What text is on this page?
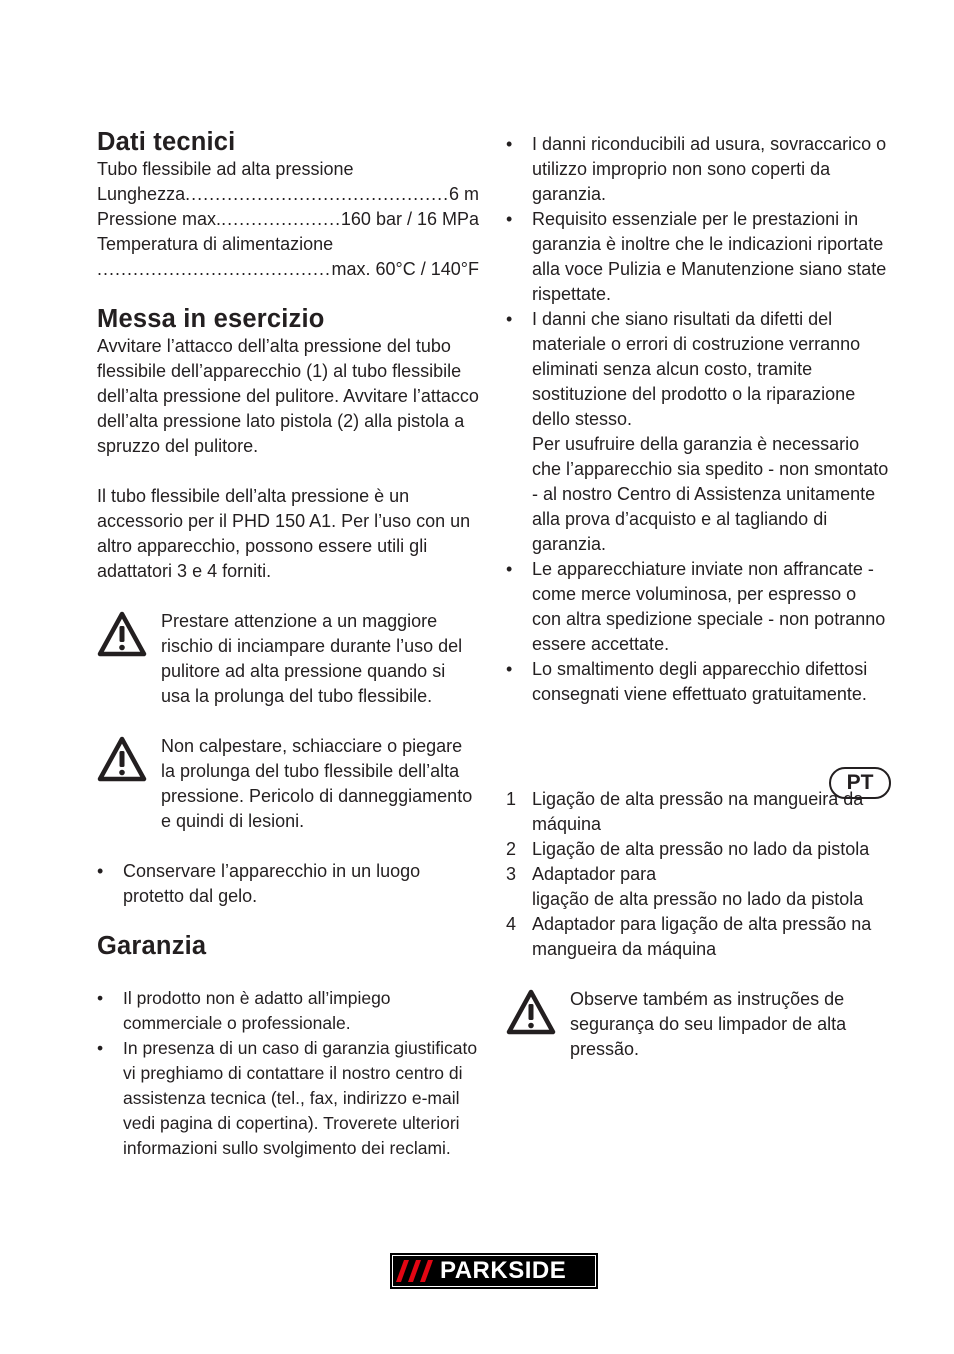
Dati tecnici

Tubo flessibile ad alta pressione

Lunghezza .....	6 m
Pressione max. .....	160 bar / 16 MPa

Temperatura di alimentazione

.....
max. 60°C / 140°F
Messa in esercizio

Avvitare l’attacco dell’alta pressione del tubo flessibile dell’apparecchio (1) al tubo flessibile dell’alta pressione del pulitore. Avvitare l’attacco dell’alta pressione lato pistola (2) alla pistola a spruzzo del pulitore.

Il tubo flessibile dell’alta pressione è un accessorio per il PHD 150 A1. Per l’uso con un altro apparecchio, possono essere utili gli adattatori 3 e 4 forniti.

Prestare attenzione a un maggiore rischio di inciampare durante l’uso del pulitore ad alta pressione quando si usa la prolunga del tubo flessibile.

Non calpestare, schiacciare o piegare la prolunga del tubo flessibile dell’alta pressione. Pericolo di danneggiamento e quindi di lesioni.

• Conservare l’apparecchio in un luogo protetto dal gelo.
Garanzia
• Il prodotto non è adatto all’impiego commerciale o professionale.
• In presenza di un caso di garanzia giustificato vi preghiamo di contattare il nostro centro di assistenza tecnica (tel., fax, indirizzo e-mail vedi pagina di copertina). Troverete ulteriori informazioni sullo svolgimento dei reclami.
• I danni riconducibili ad usura, sovraccarico o utilizzo improprio non sono coperti da garanzia.
• Requisito essenziale per le prestazioni in garanzia è inoltre che le indicazioni riportate alla voce Pulizia e Manutenzione siano state rispettate.
• I danni che siano risultati da difetti del materiale o errori di costruzione verranno eliminati senza alcun costo, tramite sostituzione del prodotto o la riparazione dello stesso.

Per usufruire della garanzia è necessario che l’apparecchio sia spedito - non smontato - al nostro Centro di Assistenza unitamente alla prova d’acquisto e al tagliando di garanzia.

• Le apparecchiature inviate non affrancate - come merce voluminosa, per espresso o con altra spedizione speciale - non potranno essere accettate.
• Lo smaltimento degli apparecchio difettosi consegnati viene effettuato gratuitamente.
1 Ligação de alta pressão na mangueira da máquina
2 Ligação de alta pressão no lado da pistola
3 Adaptador para
ligação de alta pressão no lado da pistola
4 Adaptador para ligação de alta pressão na mangueira da máquina

Observe também as instruções de segurança do seu limpador de alta pressão.

PT
PARKSIDE
